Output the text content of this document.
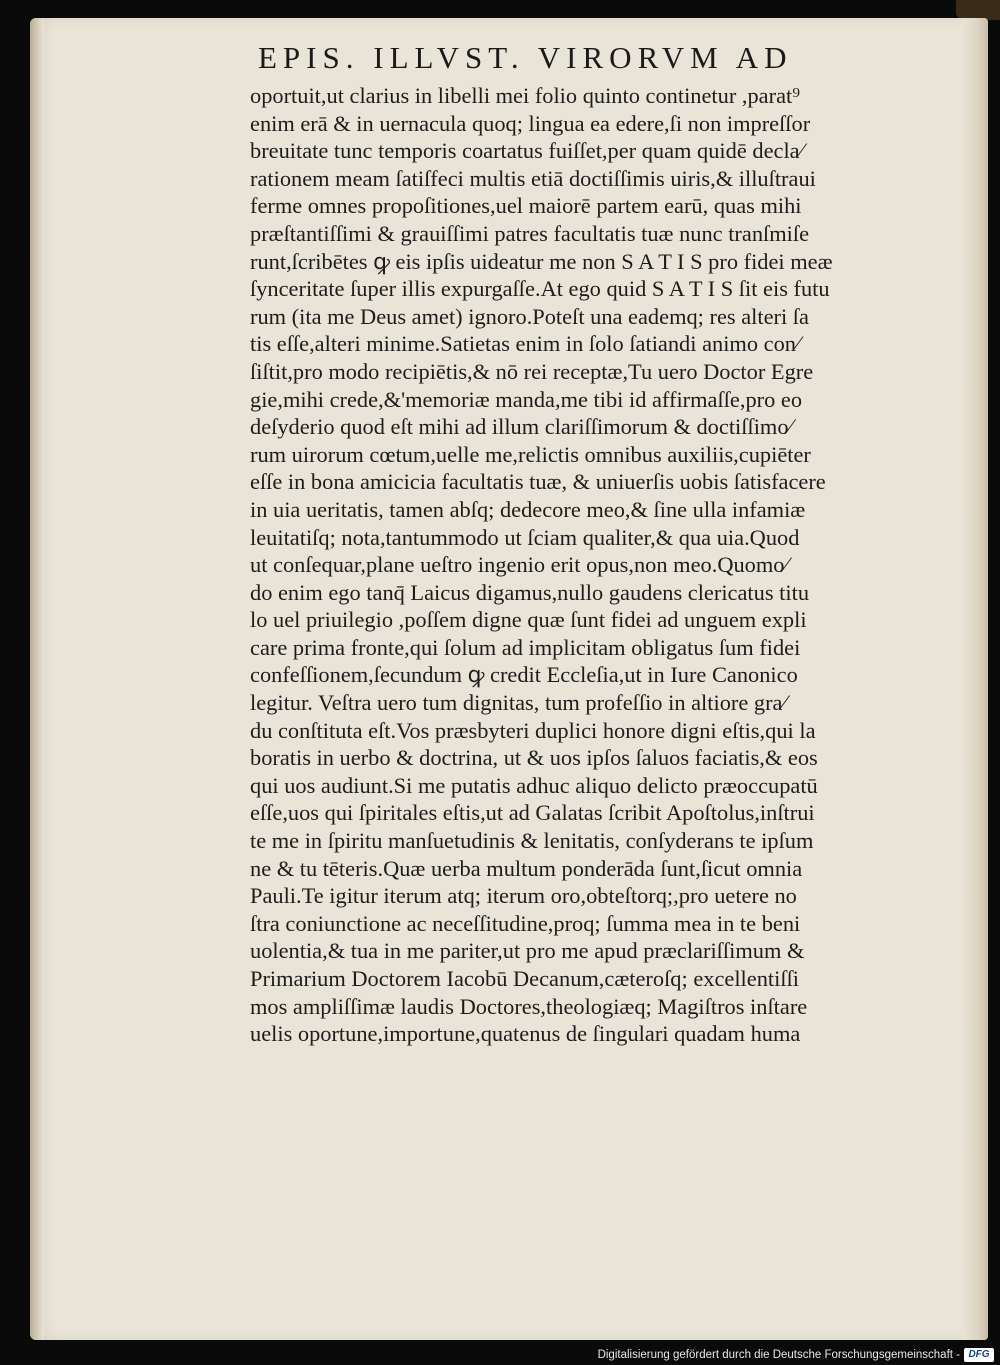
EPIS. ILLVST. VIRORVM AD
oportuit,ut clarius in libelli mei folio quinto continetur ,parat⁹
enim erā & in uernacula quoq; lingua ea edere,ſi non impreſſor
breuitate tunc temporis coartatus fuiſſet,per quam quidē decla⁄
rationem meam ſatiſfeci multis etiā doctiſſimis uiris,& illuſtraui
ferme omnes propoſitiones,uel maiorē partem earū, quas mihi
præſtantiſſimi & grauiſſimi patres facultatis tuæ nunc tranſmiſe
runt,ſcribētes ꝙ eis ipſis uideatur me non S A T I S pro fidei meæ
ſynceritate ſuper illis expurgaſſe.At ego quid S A T I S ſit eis futu
rum (ita me Deus amet) ignoro.Poteſt una eademq; res alteri ſa
tis eſſe,alteri minime.Satietas enim in ſolo ſatiandi animo con⁄
ſiſtit,pro modo recipiētis,& nō rei receptæ,Tu uero Doctor Egre
gie,mihi crede,&'memoriæ manda,me tibi id affirmaſſe,pro eo
deſyderio quod eſt mihi ad illum clariſſimorum & doctiſſimo⁄
rum uirorum cœtum,uelle me,relictis omnibus auxiliis,cupiēter
eſſe in bona amicicia facultatis tuæ, & uniuerſis uobis ſatisfacere
in uia ueritatis, tamen abſq; dedecore meo,& ſine ulla infamiæ
leuitatiſq; nota,tantummodo ut ſciam qualiter,& qua uia.Quod
ut conſequar,plane ueſtro ingenio erit opus,non meo.Quomo⁄
do enim ego tanq̄ Laicus digamus,nullo gaudens clericatus titu
lo uel priuilegio ,poſſem digne quæ ſunt fidei ad unguem expli
care prima fronte,qui ſolum ad implicitam obligatus ſum fidei
confeſſionem,ſecundum ꝙ credit Eccleſia,ut in Iure Canonico
legitur. Veſtra uero tum dignitas, tum profeſſio in altiore gra⁄
du conſtituta eſt.Vos præsbyteri duplici honore digni eſtis,qui la
boratis in uerbo & doctrina, ut & uos ipſos ſaluos faciatis,& eos
qui uos audiunt.Si me putatis adhuc aliquo delicto præoccupatū
eſſe,uos qui ſpiritales eſtis,ut ad Galatas ſcribit Apoſtolus,inſtrui
te me in ſpiritu manſuetudinis & lenitatis, conſyderans te ipſum
ne & tu tēteris.Quæ uerba multum ponderāda ſunt,ſicut omnia
Pauli.Te igitur iterum atq; iterum oro,obteſtorq;,pro uetere no
ſtra coniunctione ac neceſſitudine,proq; ſumma mea in te beni
uolentia,& tua in me pariter,ut pro me apud præclariſſimum &
Primarium Doctorem Iacobū Decanum,cæteroſq; excellentiſſi
mos ampliſſimæ laudis Doctores,theologiæq; Magiſtros inſtare
uelis oportune,importune,quatenus de ſingulari quadam huma
Digitalisierung gefördert durch die Deutsche Forschungsgemeinschaft - DFG
